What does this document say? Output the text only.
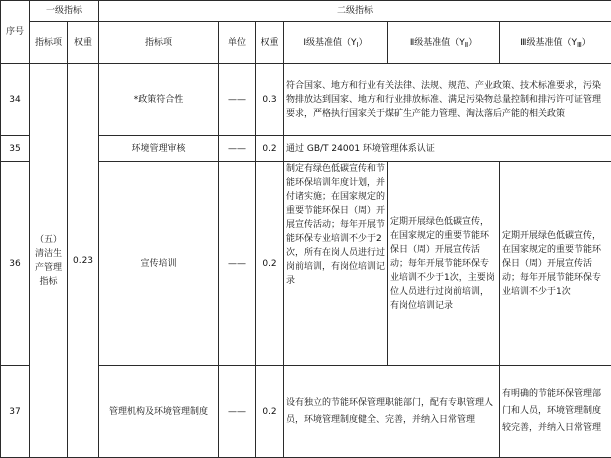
序号	一级指标		二级指标					
	指标项	权重	指标项	单位	权重	Ⅰ级基准值$(Y_Ⅰ)$	Ⅱ级基准值$(Y_Ⅱ)$	Ⅲ级基准值$(Y_Ⅲ)$
34	（五）清洁生产管理指标	0.23	*政策符合性	——	0.3	符合国家、地方和行业有关法律、法规、规范、产业政策、技术标准要求，污染物排放达到国家、地方和行业排放标准、满足污染物总量控制和排污许可证管理要求，严格执行国家关于煤矿生产能力管理、淘汰落后产能的相关政策		
35			环境管理审核	——	0.2	通过 GB/T 24001 环境管理体系认证		
36			宣传培训	——	0.2	制定有绿色低碳宣传和节能环保培训年度计划，并付诸实施；在国家规定的重要节能环保日（周）开展宣传活动；每年开展节能环保专业培训不少于2次，所有在岗人员进行过岗前培训，有岗位培训记录	定期开展绿色低碳宣传，在国家规定的重要节能环保日（周）开展宣传活动；每年开展节能环保专业培训不少于1次，主要岗位人员进行过岗前培训，有岗位培训记录	定期开展绿色低碳宣传，在国家规定的重要节能环保日（周）开展宣传活动；每年开展节能环保专业培训不少于1次
37			管理机构及环境管理制度	——	0.2	设有独立的节能环保管理职能部门，配有专职管理人员，环境管理制度健全、完善，并纳入日常管理		有明确的节能环保管理部门和人员，环境管理制度较完善，并纳入日常管理
